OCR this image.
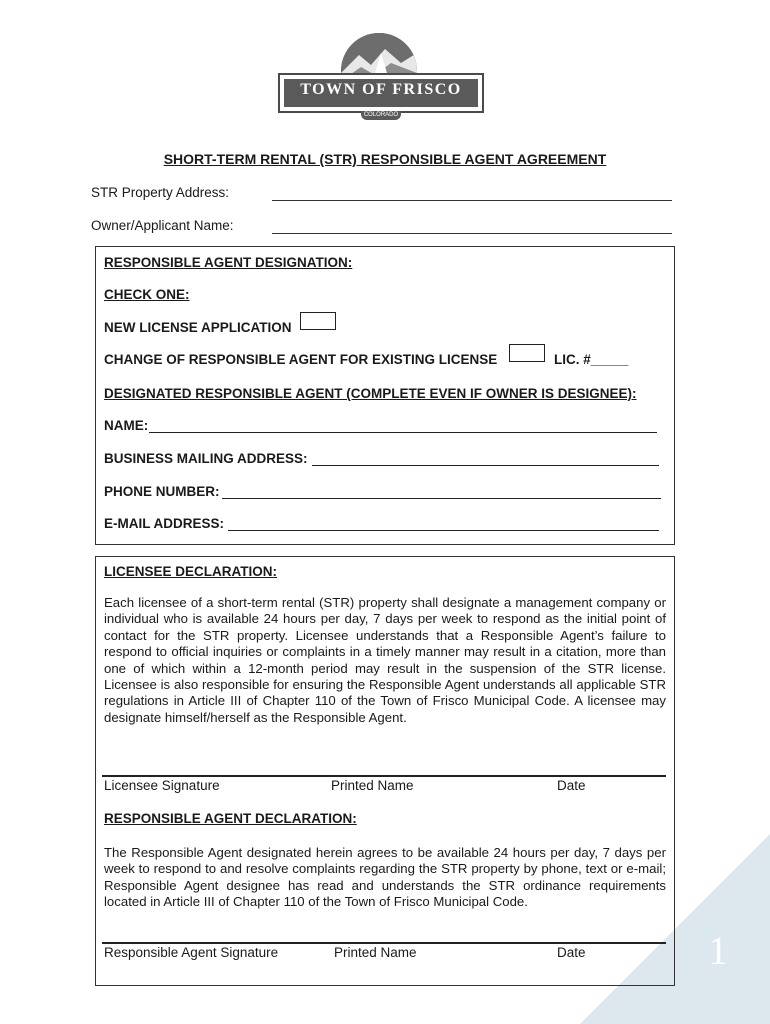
1
TOWN OF FRISCO
COLORADO
SHORT-TERM RENTAL (STR) RESPONSIBLE AGENT AGREEMENT
STR Property Address:
Owner/Applicant Name:
RESPONSIBLE AGENT DESIGNATION:
CHECK ONE:
NEW LICENSE APPLICATION
CHANGE OF RESPONSIBLE AGENT FOR EXISTING LICENSE	LIC. #_____
DESIGNATED RESPONSIBLE AGENT (COMPLETE EVEN IF OWNER IS DESIGNEE):
NAME:
BUSINESS MAILING ADDRESS:
PHONE NUMBER:
E-MAIL ADDRESS:
LICENSEE DECLARATION:
Each licensee of a short-term rental (STR) property shall designate a management company or individual who is available 24 hours per day, 7 days per week to respond as the initial point of contact for the STR property. Licensee understands that a Responsible Agent’s failure to respond to official inquiries or complaints in a timely manner may result in a citation, more than one of which within a 12-month period may result in the suspension of the STR license. Licensee is also responsible for ensuring the Responsible Agent understands all applicable STR regulations in Article III of Chapter 110 of the Town of Frisco Municipal Code. A licensee may designate himself/herself as the Responsible Agent.
Licensee Signature	Printed Name	Date
RESPONSIBLE AGENT DECLARATION:
The Responsible Agent designated herein agrees to be available 24 hours per day, 7 days per week to respond to and resolve complaints regarding the STR property by phone, text or e-mail; Responsible Agent designee has read and understands the STR ordinance requirements located in Article III of Chapter 110 of the Town of Frisco Municipal Code.
Responsible Agent Signature	Printed Name	Date
